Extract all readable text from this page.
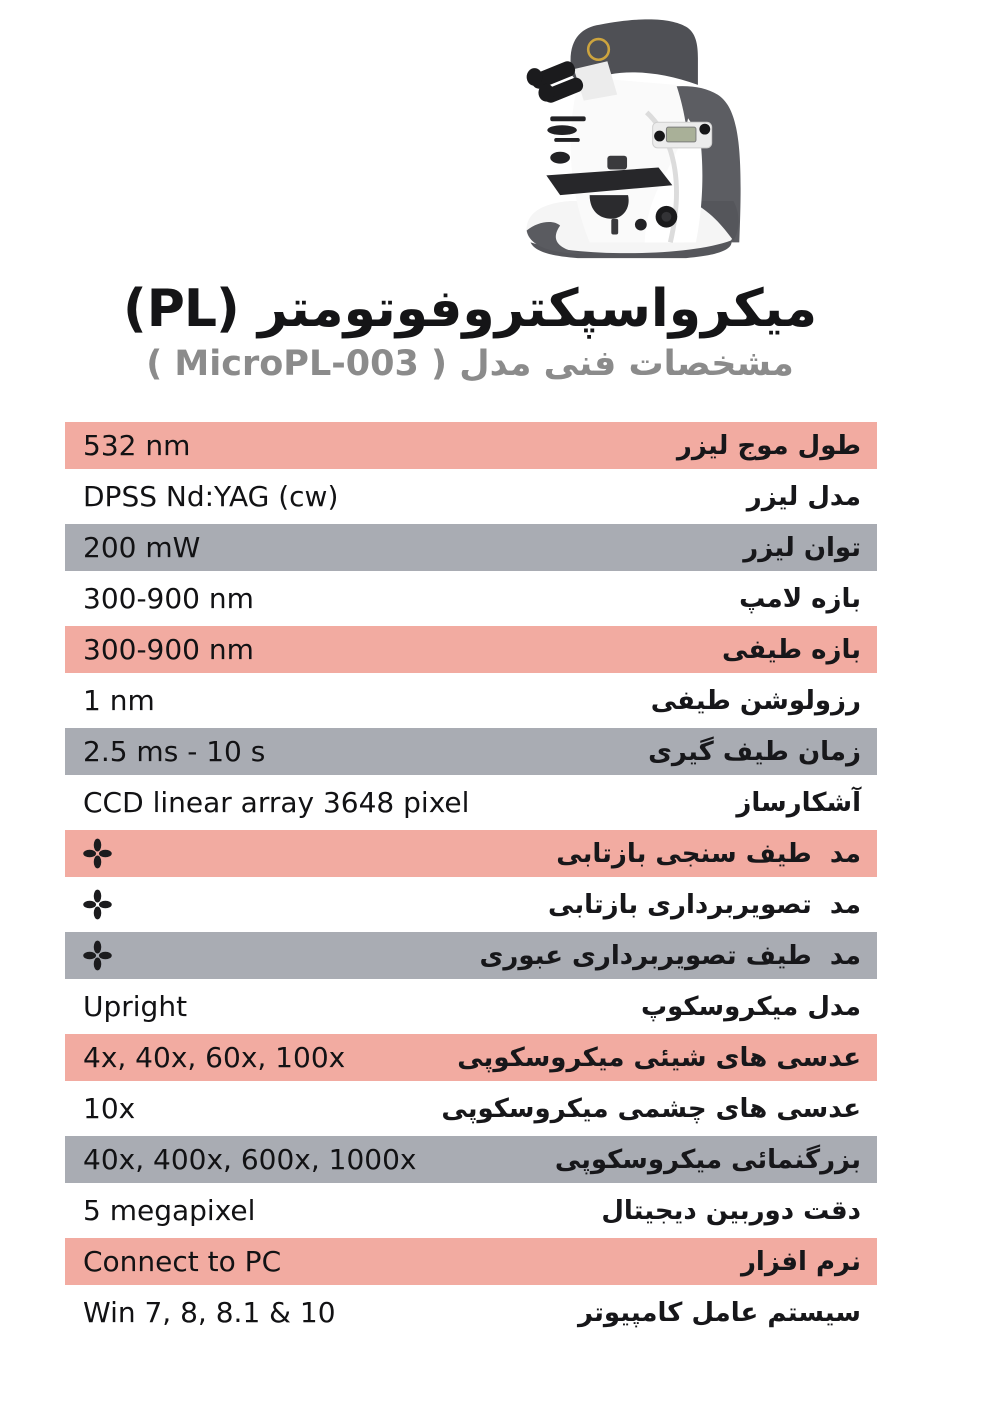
میکرواسپکتروفوتومتر (PL)
مشخصات فنی مدل ( MicroPL-003 )
طول موج لیزر
532 nm
مدل لیزر
DPSS Nd:YAG (cw)
توان لیزر
200 mW
بازه لامپ
300-900 nm
بازه طیفی
300-900 nm
رزولوشن طیفی
1 nm
زمان طیف گیری
2.5 ms - 10 s
آشکارساز
CCD linear array 3648 pixel
مد  طیف سنجی بازتابی
مد  تصویربرداری بازتابی
مد  طیف تصویربرداری عبوری
مدل میکروسکوپ
Upright
عدسی های شیئی میکروسکوپی
4x, 40x, 60x, 100x
عدسی های چشمی میکروسکوپی
10x
بزرگنمائی میکروسکوپی
40x, 400x, 600x, 1000x
دقت دوربین دیجیتال
5 megapixel
نرم افزار
Connect to PC
سیستم عامل کامپیوتر
Win 7, 8, 8.1 & 10
